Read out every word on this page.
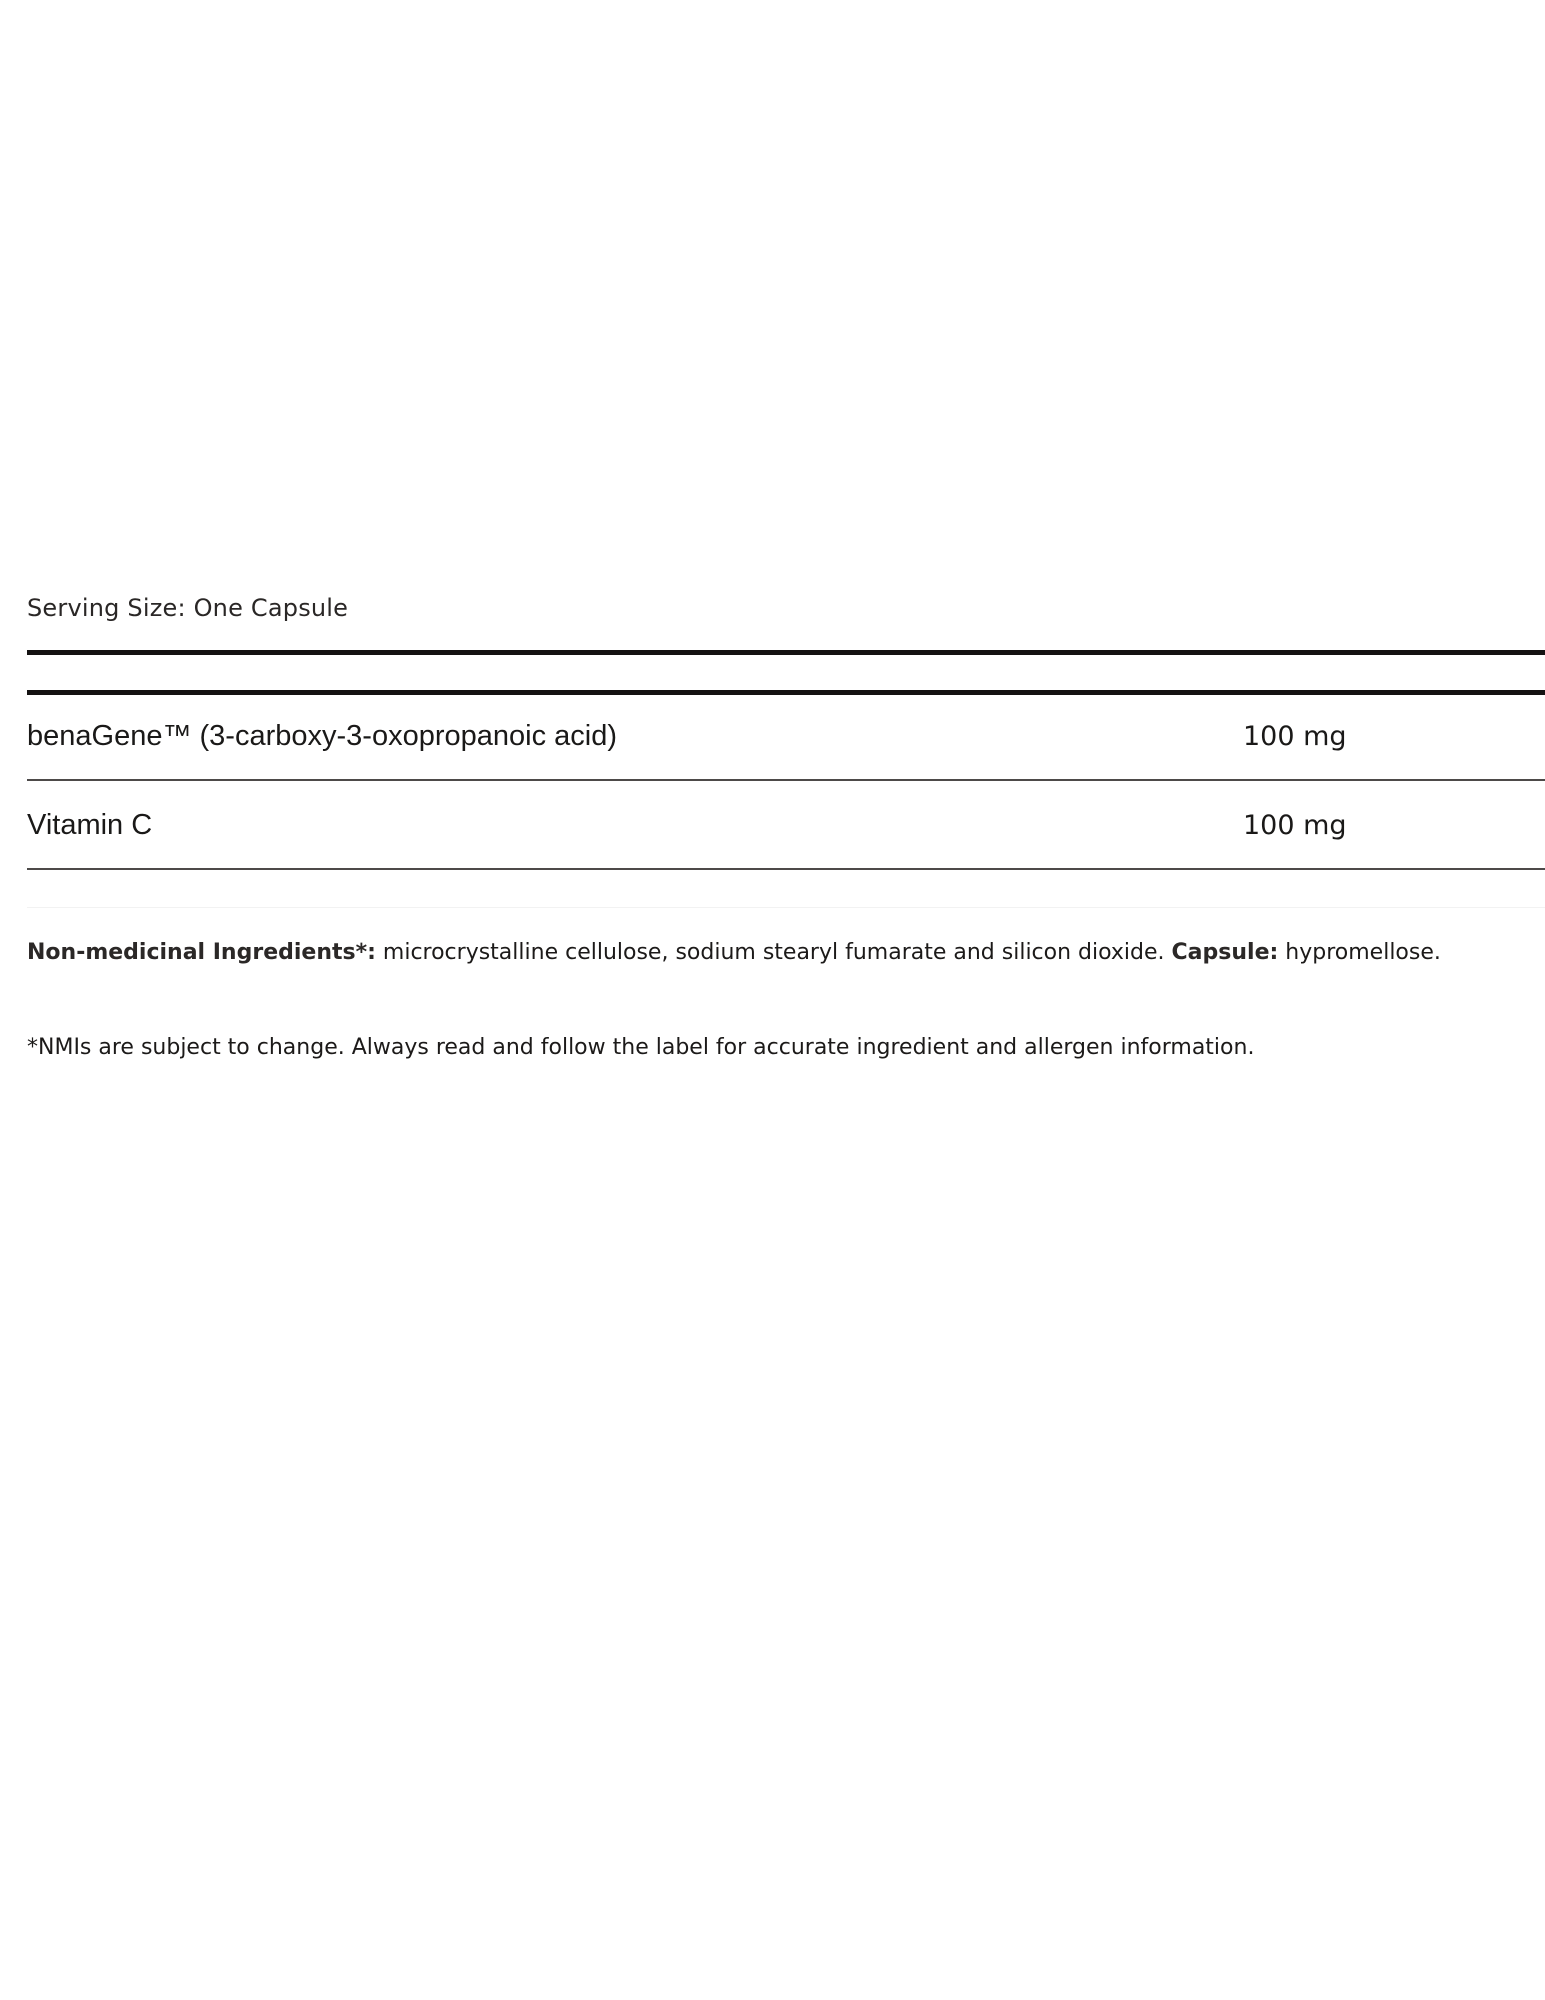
Serving Size: One Capsule
benaGene™ (3-carboxy-3-oxopropanoic acid)	100 mg
Vitamin C	100 mg
Non-medicinal Ingredients*: microcrystalline cellulose, sodium stearyl fumarate and silicon dioxide. Capsule: hypromellose.
*NMIs are subject to change. Always read and follow the label for accurate ingredient and allergen information.
